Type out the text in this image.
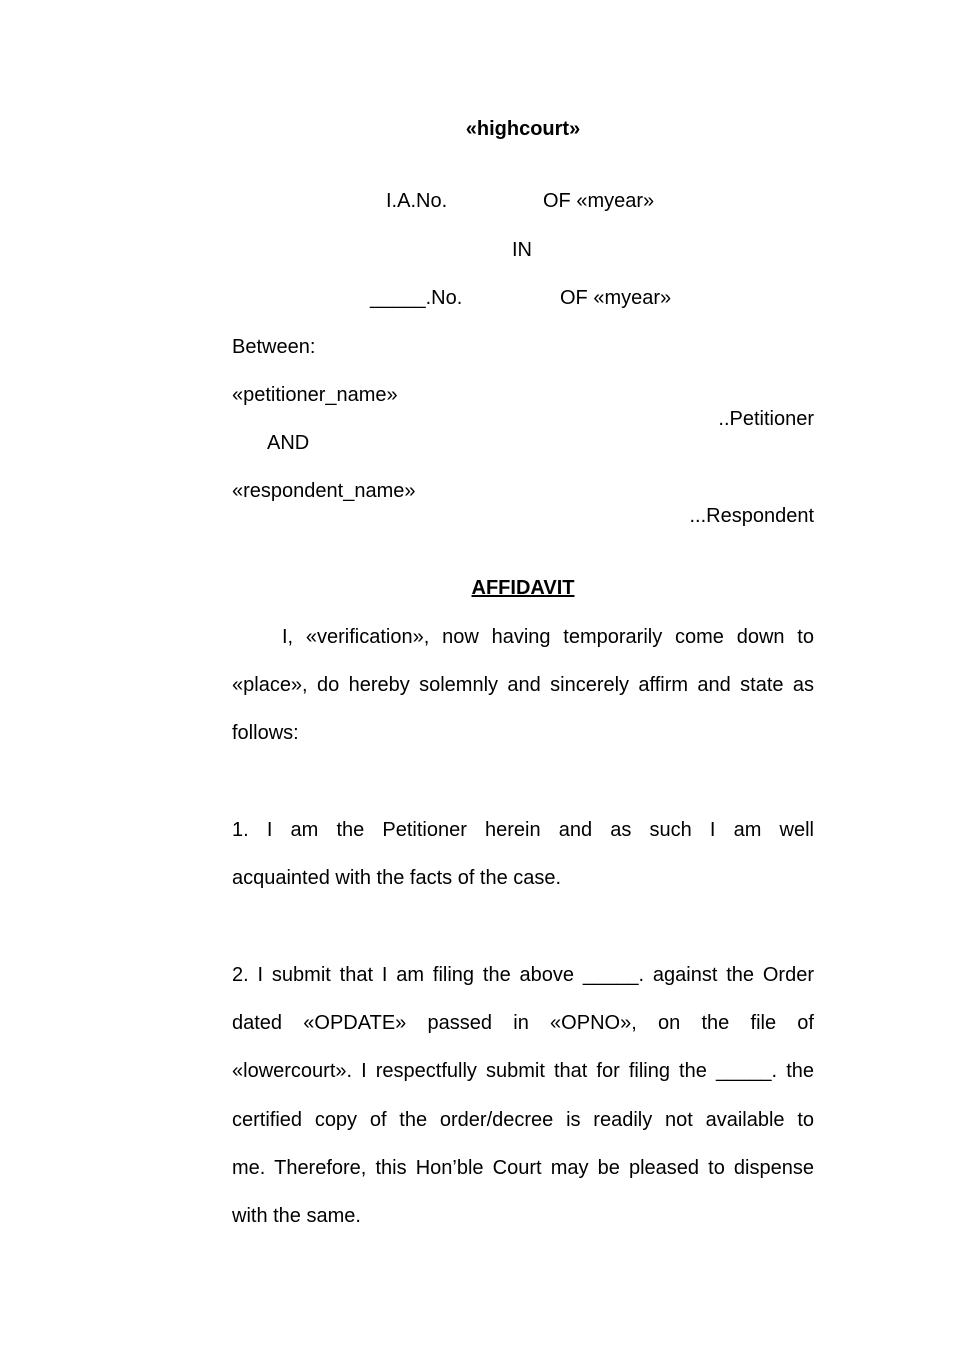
«highcourt»
I.A.No.	OF «myear»
IN
_____.No.	OF «myear»
Between:
«petitioner_name»
..Petitioner
AND
«respondent_name»
...Respondent
AFFIDAVIT
I, «verification», now having temporarily come down to
«place», do hereby solemnly and sincerely affirm and state as
follows:
1. I am the Petitioner herein and as such I am well
acquainted with the facts of the case.
2. I submit that I am filing the above _____. against the Order
dated «OPDATE» passed in «OPNO», on the file of
«lowercourt». I respectfully submit that for filing the _____. the
certified copy of the order/decree is readily not available to
me. Therefore, this Hon’ble Court may be pleased to dispense
with the same.
